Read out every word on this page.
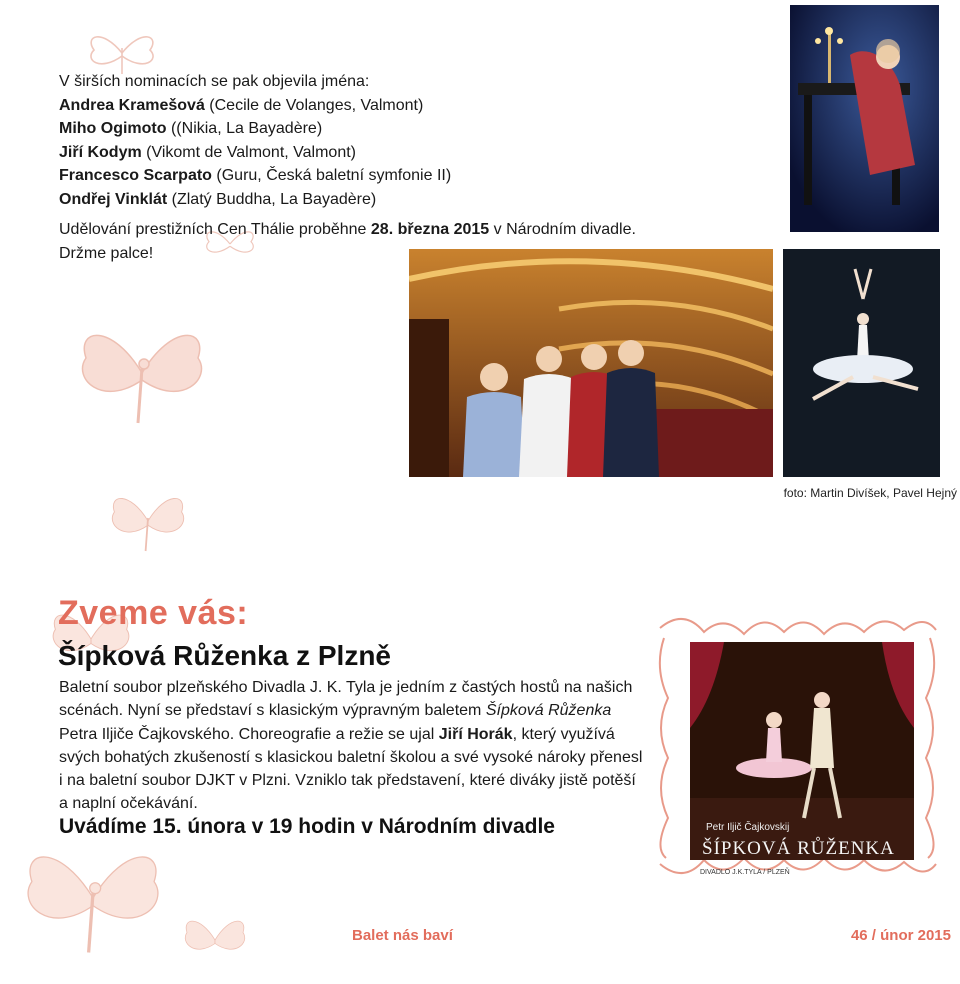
V širších nominacích se pak objevila jména:
Andrea Kramešová (Cecile de Volanges, Valmont)
Miho Ogimoto ((Nikia, La Bayadère)
Jiří Kodym (Vikomt de Valmont, Valmont)
Francesco Scarpato (Guru, Česká baletní symfonie II)
Ondřej Vinklát (Zlatý Buddha, La Bayadère)
Udělování prestižních Cen Thálie proběhne 28. března 2015 v Národním divadle.
Držme palce!
foto: Martin Divíšek, Pavel Hejný
Zveme vás:
Šípková Růženka z Plzně
Baletní soubor plzeňského Divadla J. K. Tyla je jedním z častých hostů na našich scénách. Nyní se představí s klasickým výpravným baletem Šípková Růženka Petra Iljiče Čajkovského. Choreografie a režie se ujal Jiří Horák, který využívá svých bohatých zkušeností s klasickou baletní školou a své vysoké nároky přenesl i na baletní soubor DJKT v Plzni. Vzniklo tak představení, které diváky jistě potěší a naplní očekávání.
Uvádíme 15. února v 19 hodin v Národním divadle	Petr Iljič Čajkovskij
ŠÍPKOVÁ RŮŽENKA
DIVADLO J.K.TYLA / PLZEŇ
Balet nás baví	46 / únor 2015
